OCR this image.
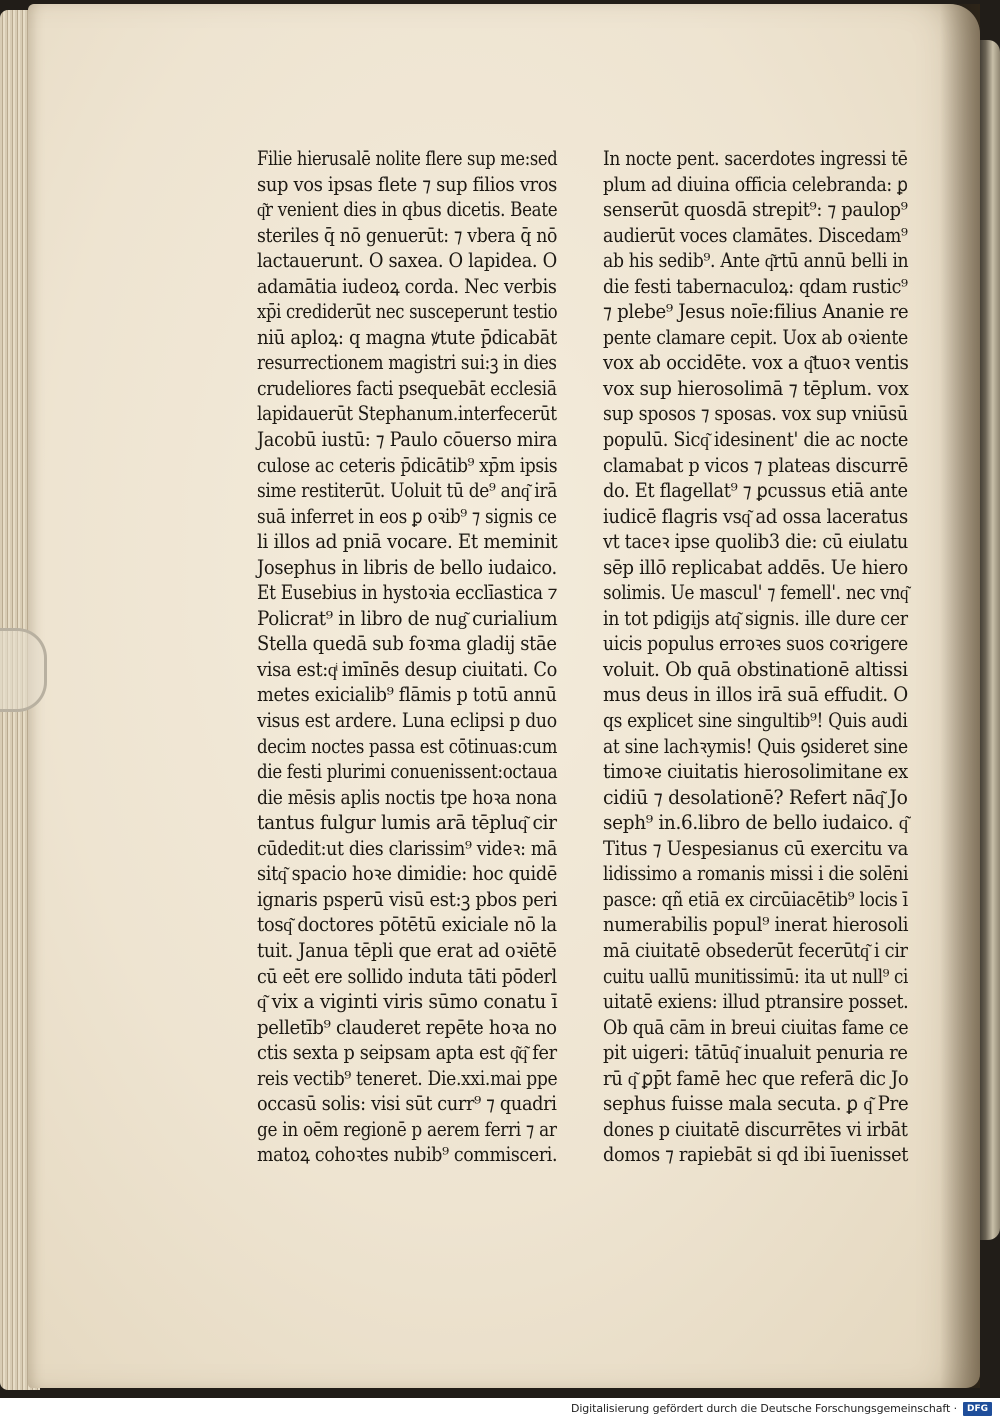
Filie hierusalē nolite flere sup me:sed
sup vos ipsas flete ⁊ sup filios vros
q͂r venient dies in qbus dicetis. Beate
steriles q̄ nō genuerūt: ⁊ vbera q̄ nō
lactauerunt. O saxea. O lapidea. O
adamātia iudeoꝝ corda. Nec verbis
xp̄i crediderūt nec susceperunt testio
niū aploꝝ: q magna ꝟtute p̄dicabāt
resurrectionem magistri sui:ꝫ in dies
crudeliores facti psequebāt ecclesiā
lapidauerūt Stephanum.interfecerūt
Jacobū iustū: ⁊ Paulo cōuerso mira
culose ac ceteris p̄dicātib⁹ xp̄m ipsis
sime restiterūt. Uoluit tū de⁹ anq͂ irā
suā inferret in eos ꝑ oꝛib⁹ ⁊ signis ce
li illos ad pniā vocare. Et meminit
Josephus in libris de bello iudaico.
Et Eusebius in hystoꝛia ecclīastica ⁊
Policrat⁹ in libro de nug͂ curialium
Stella quedā sub foꝛma gladij stāe
visa est:qͥ imīnēs desup ciuitati. Co
metes exicialib⁹ flāmis p totū annū
visus est ardere. Luna eclipsi p duo
decim noctes passa est cōtinuas:cum
die festi plurimi conuenissent:octaua
die mēsis aplis noctis tpe hoꝛa nona
tantus fulgur lumis arā tēpluq͂ cir
cūdedit:ut dies clarissim⁹ videꝛ: mā
sitq͂ spacio hoꝛe dimidie: hoc quidē
ignaris psperū visū est:ꝫ pbos peri
tosq͂ doctores pōtētū exiciale nō la
tuit. Janua tēpli que erat ad oꝛiētē
cū eēt ere sollido induta tāti pōderl
q͂ vix a viginti viris sūmo conatu ī
pelletīb⁹ clauderet repēte hoꝛa no
ctis sexta p seipsam apta est q͂q͂ fer
reis vectib⁹ teneret. Die.xxi.mai ppe
occasū solis: visi sūt curr⁹ ⁊ quadri
ge in oēm regionē p aerem ferri ⁊ ar
matoꝝ cohoꝛtes nubib⁹ commisceri.
In nocte pent. sacerdotes ingressi tē
plum ad diuina officia celebranda: ꝑ
senserūt quosdā strepit⁹: ⁊ paulop⁹
audierūt voces clamātes. Discedam⁹
ab his sedib⁹. Ante q͂rtū annū belli in
die festi tabernaculoꝝ: qdam rustic⁹
⁊ plebe⁹ Jesus noīe:filius Ananie re
pente clamare cepit. Uox ab oꝛiente
vox ab occidēte. vox a q͂tuoꝛ ventis
vox sup hierosolimā ⁊ tēplum. vox
sup sposos ⁊ sposas. vox sup vniūsū
populū. Sicq͂ idesinent' die ac nocte
clamabat p vicos ⁊ plateas discurrē
do. Et flagellat⁹ ⁊ ꝑcussus etiā ante
iudicē flagris vsq͂ ad ossa laceratus
vt taceꝛ ipse quolib3 die: cū eiulatu
sēp illō replicabat addēs. Ue hiero
solimis. Ue mascul' ⁊ femell'. nec vnq͂
in tot pdigijs atq͂ signis. ille dure cer
uicis populus erroꝛes suos coꝛrigere
voluit. Ob quā obstinationē altissi
mus deus in illos irā suā effudit. O
qs explicet sine singultib⁹! Quis audi
at sine lachꝛymis! Quis ꝯsideret sine
timoꝛe ciuitatis hierosolimitane ex
cidiū ⁊ desolationē? Refert nāq͂ Jo
seph⁹ in.6.libro de bello iudaico. q͂
Titus ⁊ Uespesianus cū exercitu va
lidissimo a romanis missi i die solēni
pasce: qñ etiā ex circūiacētib⁹ locis ī
numerabilis popul⁹ inerat hierosoli
mā ciuitatē obsederūt fecerūtq͂ i cir
cuitu uallū munitissimū: ita ut null⁹ ci
uitatē exiens: illud ptransire posset.
Ob quā cām in breui ciuitas fame ce
pit uigeri: tātūq͂ inualuit penuria re
rū q͂ ꝑp̄t famē hec que referā dic Jo
sephus fuisse mala secuta. ꝑ q͂ Pre
dones p ciuitatē discurrētes vi irbāt
domos ⁊ rapiebāt si qd ibi īuenisset
Digitalisierung gefördert durch die Deutsche Forschungsgemeinschaft ·	DFG
